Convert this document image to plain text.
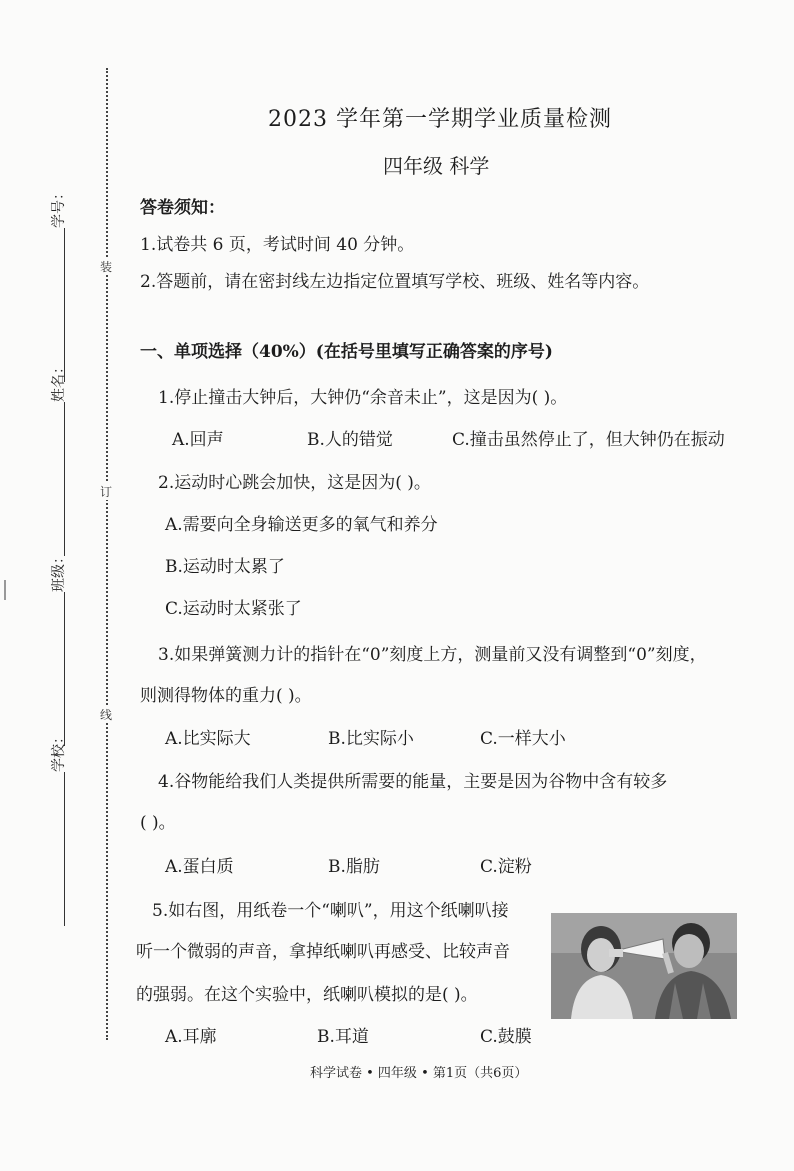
装
订
线
学号：
姓名：
班级：
学校：
2023 学年第一学期学业质量检测
四年级 科学
答卷须知：
1.试卷共 6 页，考试时间 40 分钟。
2.答题前，请在密封线左边指定位置填写学校、班级、姓名等内容。
一、单项选择（40%）(在括号里填写正确答案的序号)
1.停止撞击大钟后，大钟仍“余音未止”，这是因为( )。
A.回声	B.人的错觉	C.撞击虽然停止了，但大钟仍在振动
2.运动时心跳会加快，这是因为( )。
A.需要向全身输送更多的氧气和养分
B.运动时太累了
C.运动时太紧张了
3.如果弹簧测力计的指针在“0”刻度上方，测量前又没有调整到“0”刻度，
则测得物体的重力( )。
A.比实际大	B.比实际小	C.一样大小
4.谷物能给我们人类提供所需要的能量，主要是因为谷物中含有较多
( )。
A.蛋白质	B.脂肪	C.淀粉
5.如右图，用纸卷一个“喇叭”，用这个纸喇叭接
听一个微弱的声音，拿掉纸喇叭再感受、比较声音
的强弱。在这个实验中，纸喇叭模拟的是( )。
A.耳廓	B.耳道	C.鼓膜
科学试卷 • 四年级 • 第1页（共6页）
